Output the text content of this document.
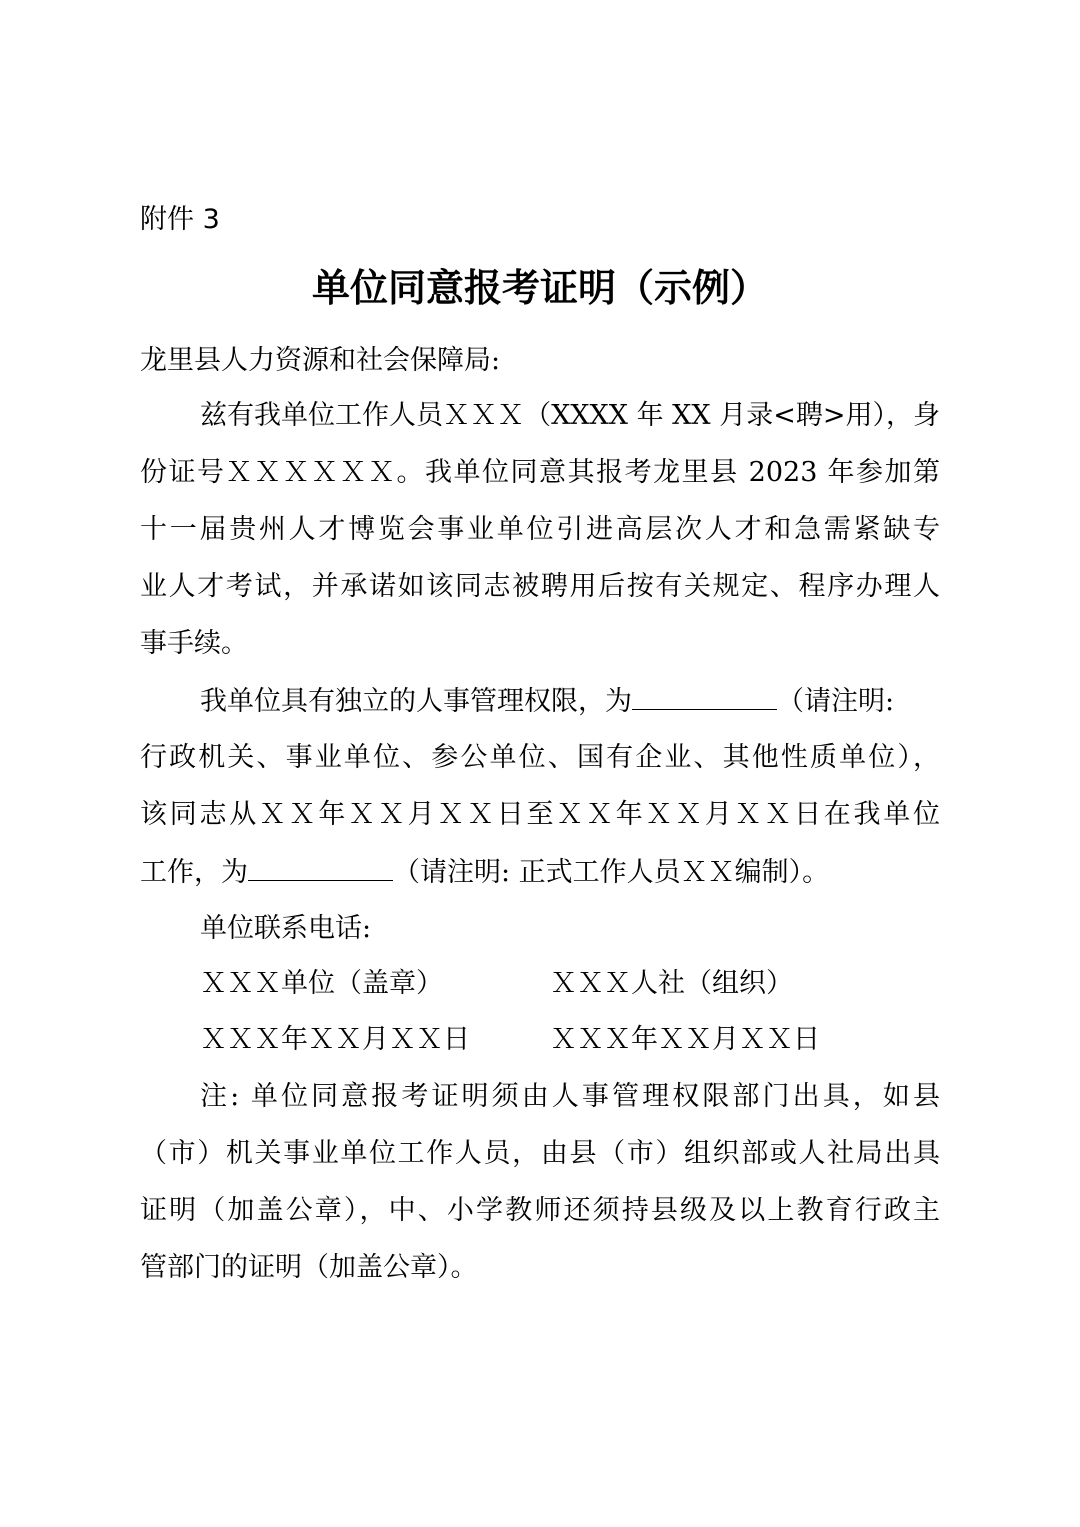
附件 3
单位同意报考证明（示例）
龙里县人力资源和社会保障局:
兹有我单位工作人员ＸＸＸ（XXXX 年 XX 月录<聘>用），身
份证号ＸＸＸＸＸＸ。我单位同意其报考龙里县 2023 年参加第
十一届贵州人才博览会事业单位引进高层次人才和急需紧缺专
业人才考试，并承诺如该同志被聘用后按有关规定、程序办理人
事手续。
我单位具有独立的人事管理权限，为	（请注明:
行政机关、事业单位、参公单位、国有企业、其他性质单位），
该同志从ＸＸ年ＸＸ月ＸＸ日至ＸＸ年ＸＸ月ＸＸ日在我单位
工作，为	（请注明: 正式工作人员ＸＸ编制）。
单位联系电话:
ＸＸＸ单位（盖章）	ＸＸＸ人社（组织）
ＸＸＸ年ＸＸ月ＸＸ日	ＸＸＸ年ＸＸ月ＸＸ日
注: 单位同意报考证明须由人事管理权限部门出具，如县
（市）机关事业单位工作人员，由县（市）组织部或人社局出具
证明（加盖公章），中、小学教师还须持县级及以上教育行政主
管部门的证明（加盖公章）。
